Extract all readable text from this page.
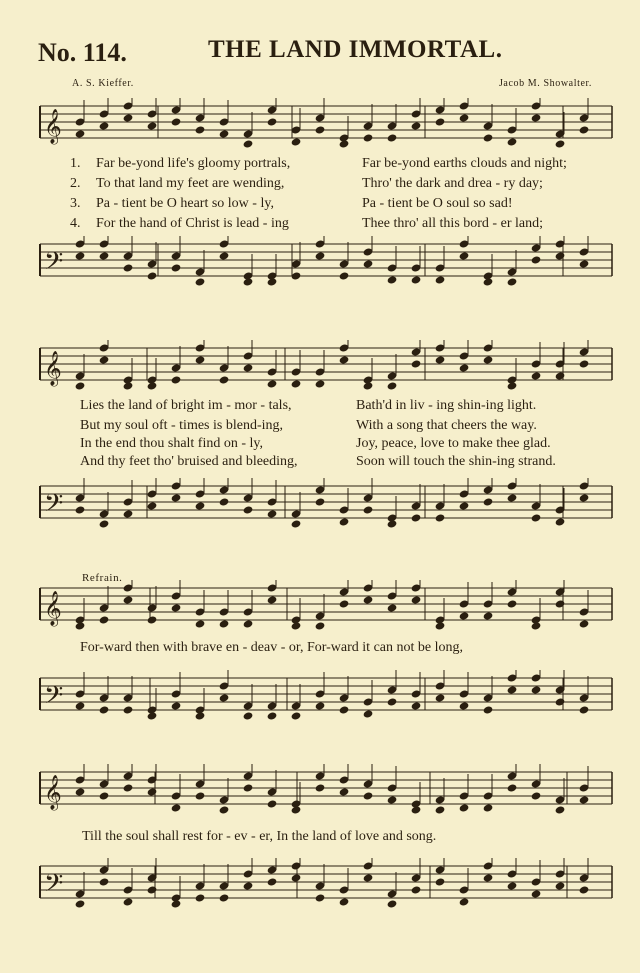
No. 114.	THE LAND IMMORTAL.
A. S. Kieffer.	Jacob M. Showalter.
𝄞
𝄢
𝄞
𝄢
𝄞
𝄢
𝄞
𝄢
1. Far be-yond life's gloomy portrals,	Far be-yond earths clouds and night;
2. To that land my feet are wending,	Thro' the dark and drea - ry day;
3. Pa - tient be O heart so low - ly,	Pa - tient be O soul so sad!
4. For the hand of Christ is lead - ing	Thee thro' all this bord - er land;
Lies the land of bright im - mor - tals,	Bath'd in liv - ing shin-ing light.
But my soul oft - times is blend-ing,	With a song that cheers the way.
In the end thou shalt find on - ly,	Joy, peace, love to make thee glad.
And thy feet tho' bruised and bleeding,	Soon will touch the shin-ing strand.
Refrain.
For-ward then with brave en - deav - or, For-ward it can not be long,
Till the soul shall rest for - ev - er, In the land of love and song.
